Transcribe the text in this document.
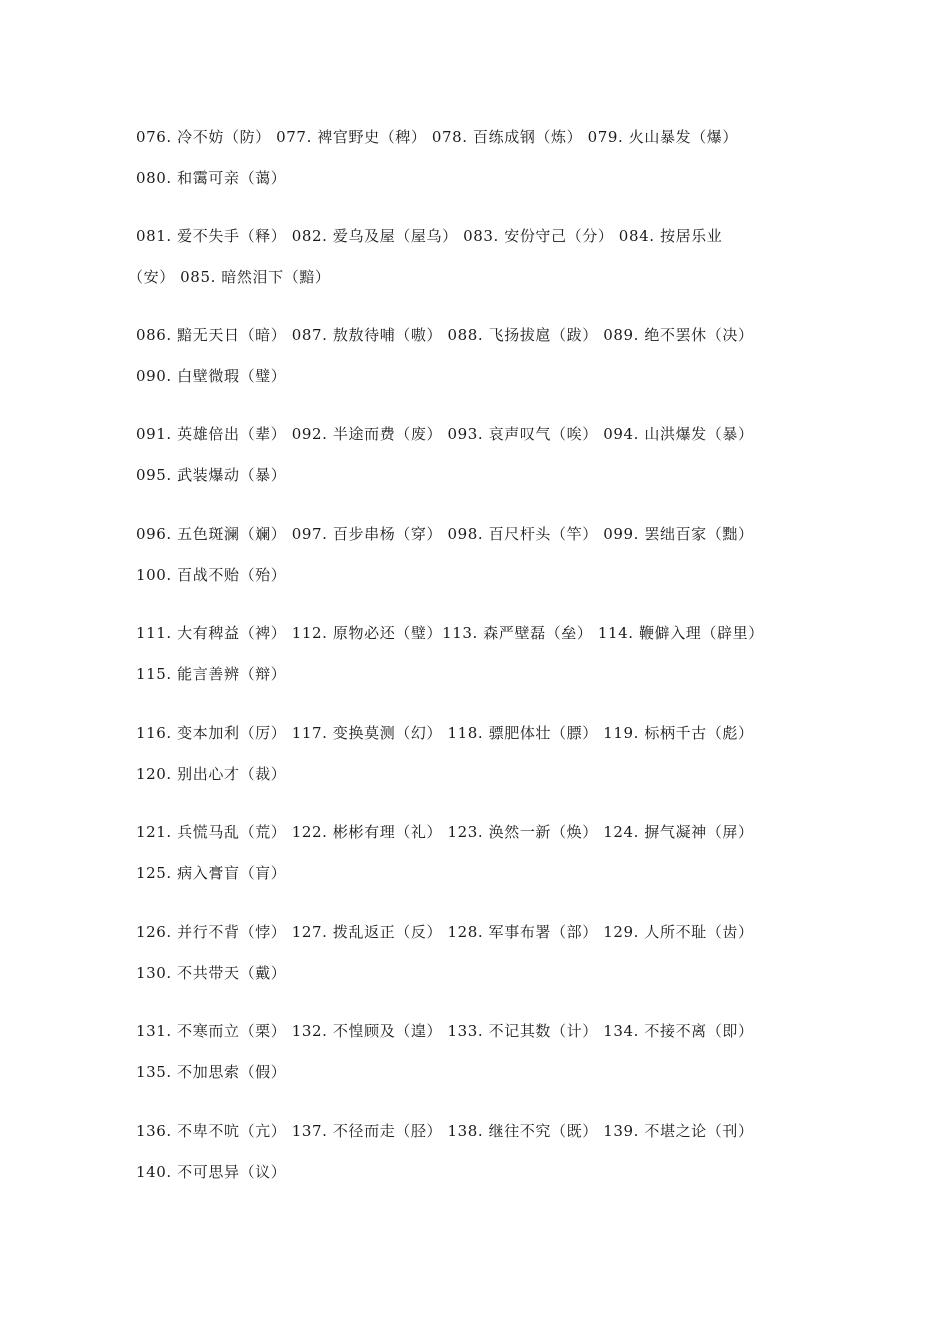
076. 冷不妨（防） 077. 裨官野史（稗） 078. 百练成钢（炼） 079. 火山暴发（爆）
080. 和霭可亲（蔼）
081. 爱不失手（释） 082. 爱乌及屋（屋乌） 083. 安份守己（分） 084. 按居乐业
（安） 085. 暗然泪下（黯）
086. 黯无天日（暗） 087. 敖敖待哺（嗷） 088. 飞扬拔扈（跋） 089. 绝不罢休（决）
090. 白壁微瑕（璧）
091. 英雄倍出（辈） 092. 半途而费（废） 093. 哀声叹气（唉） 094. 山洪爆发（暴）
095. 武装爆动（暴）
096. 五色斑澜（斓） 097. 百步串杨（穿） 098. 百尺杆头（竿） 099. 罢绌百家（黜）
100. 百战不贻（殆）
111. 大有稗益（裨） 112. 原物必还（璧）113. 森严壁磊（垒） 114. 鞭僻入理（辟里）
115. 能言善辨（辩）
116. 变本加利（厉） 117. 变换莫测（幻） 118. 骠肥体壮（膘） 119. 标柄千古（彪）
120. 别出心才（裁）
121. 兵慌马乱（荒） 122. 彬彬有理（礼） 123. 涣然一新（焕） 124. 摒气凝神（屏）
125. 病入膏盲（肓）
126. 并行不背（悖） 127. 拨乱返正（反） 128. 军事布署（部） 129. 人所不耻（齿）
130. 不共带天（戴）
131. 不寒而立（栗） 132. 不惶顾及（遑） 133. 不记其数（计） 134. 不接不离（即）
135. 不加思索（假）
136. 不卑不吭（亢） 137. 不径而走（胫） 138. 继往不究（既） 139. 不堪之论（刊）
140. 不可思异（议）
